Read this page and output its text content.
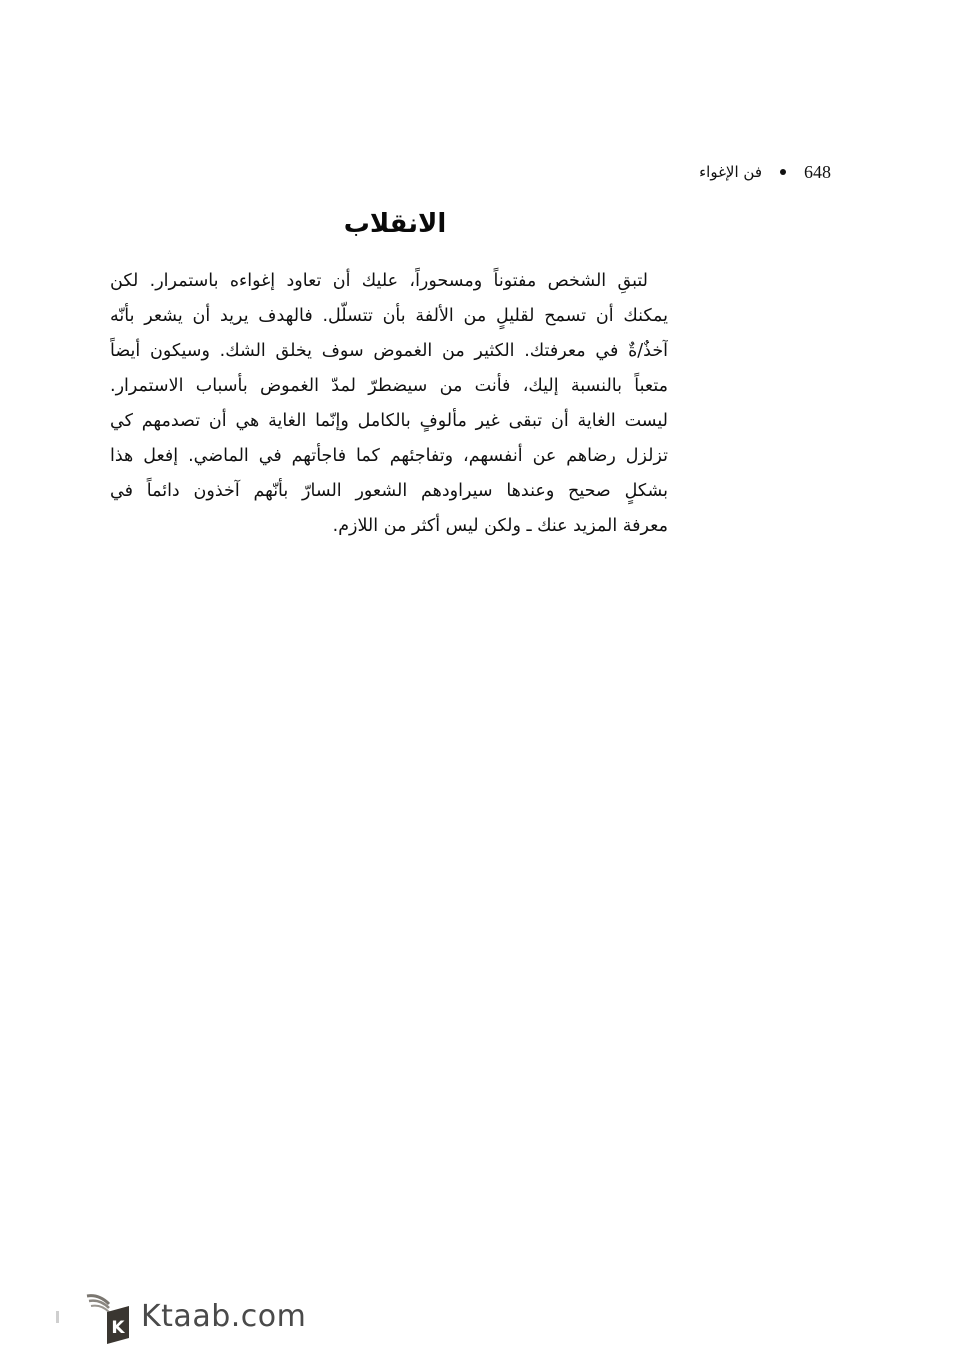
648
فن الإغواء
الانقلاب
لتبقِ الشخص مفتوناً ومسحوراً، عليك أن تعاود إغواءه باستمرار. لكن
يمكنك أن تسمح لقليلٍ من الألفة بأن تتسلّل. فالهدف يريد أن يشعر بأنّه
آخذٌ/ةٌ في معرفتك. الكثير من الغموض سوف يخلق الشك. وسيكون أيضاً
متعباً بالنسبة إليك، فأنت من سيضطرّ لمدّ الغموض بأسباب الاستمرار.
ليست الغاية أن تبقى غير مألوفٍ بالكامل وإنّما الغاية هي أن تصدمهم كي
تزلزل رضاهم عن أنفسهم، وتفاجئهم كما فاجأتهم في الماضي. إفعل هذا
بشكلٍ صحيح وعندها سيراودهم الشعور السارّ بأنّهم آخذون دائماً في
معرفة المزيد عنك ـ ولكن ليس أكثر من اللازم.
K Ktaab.com
